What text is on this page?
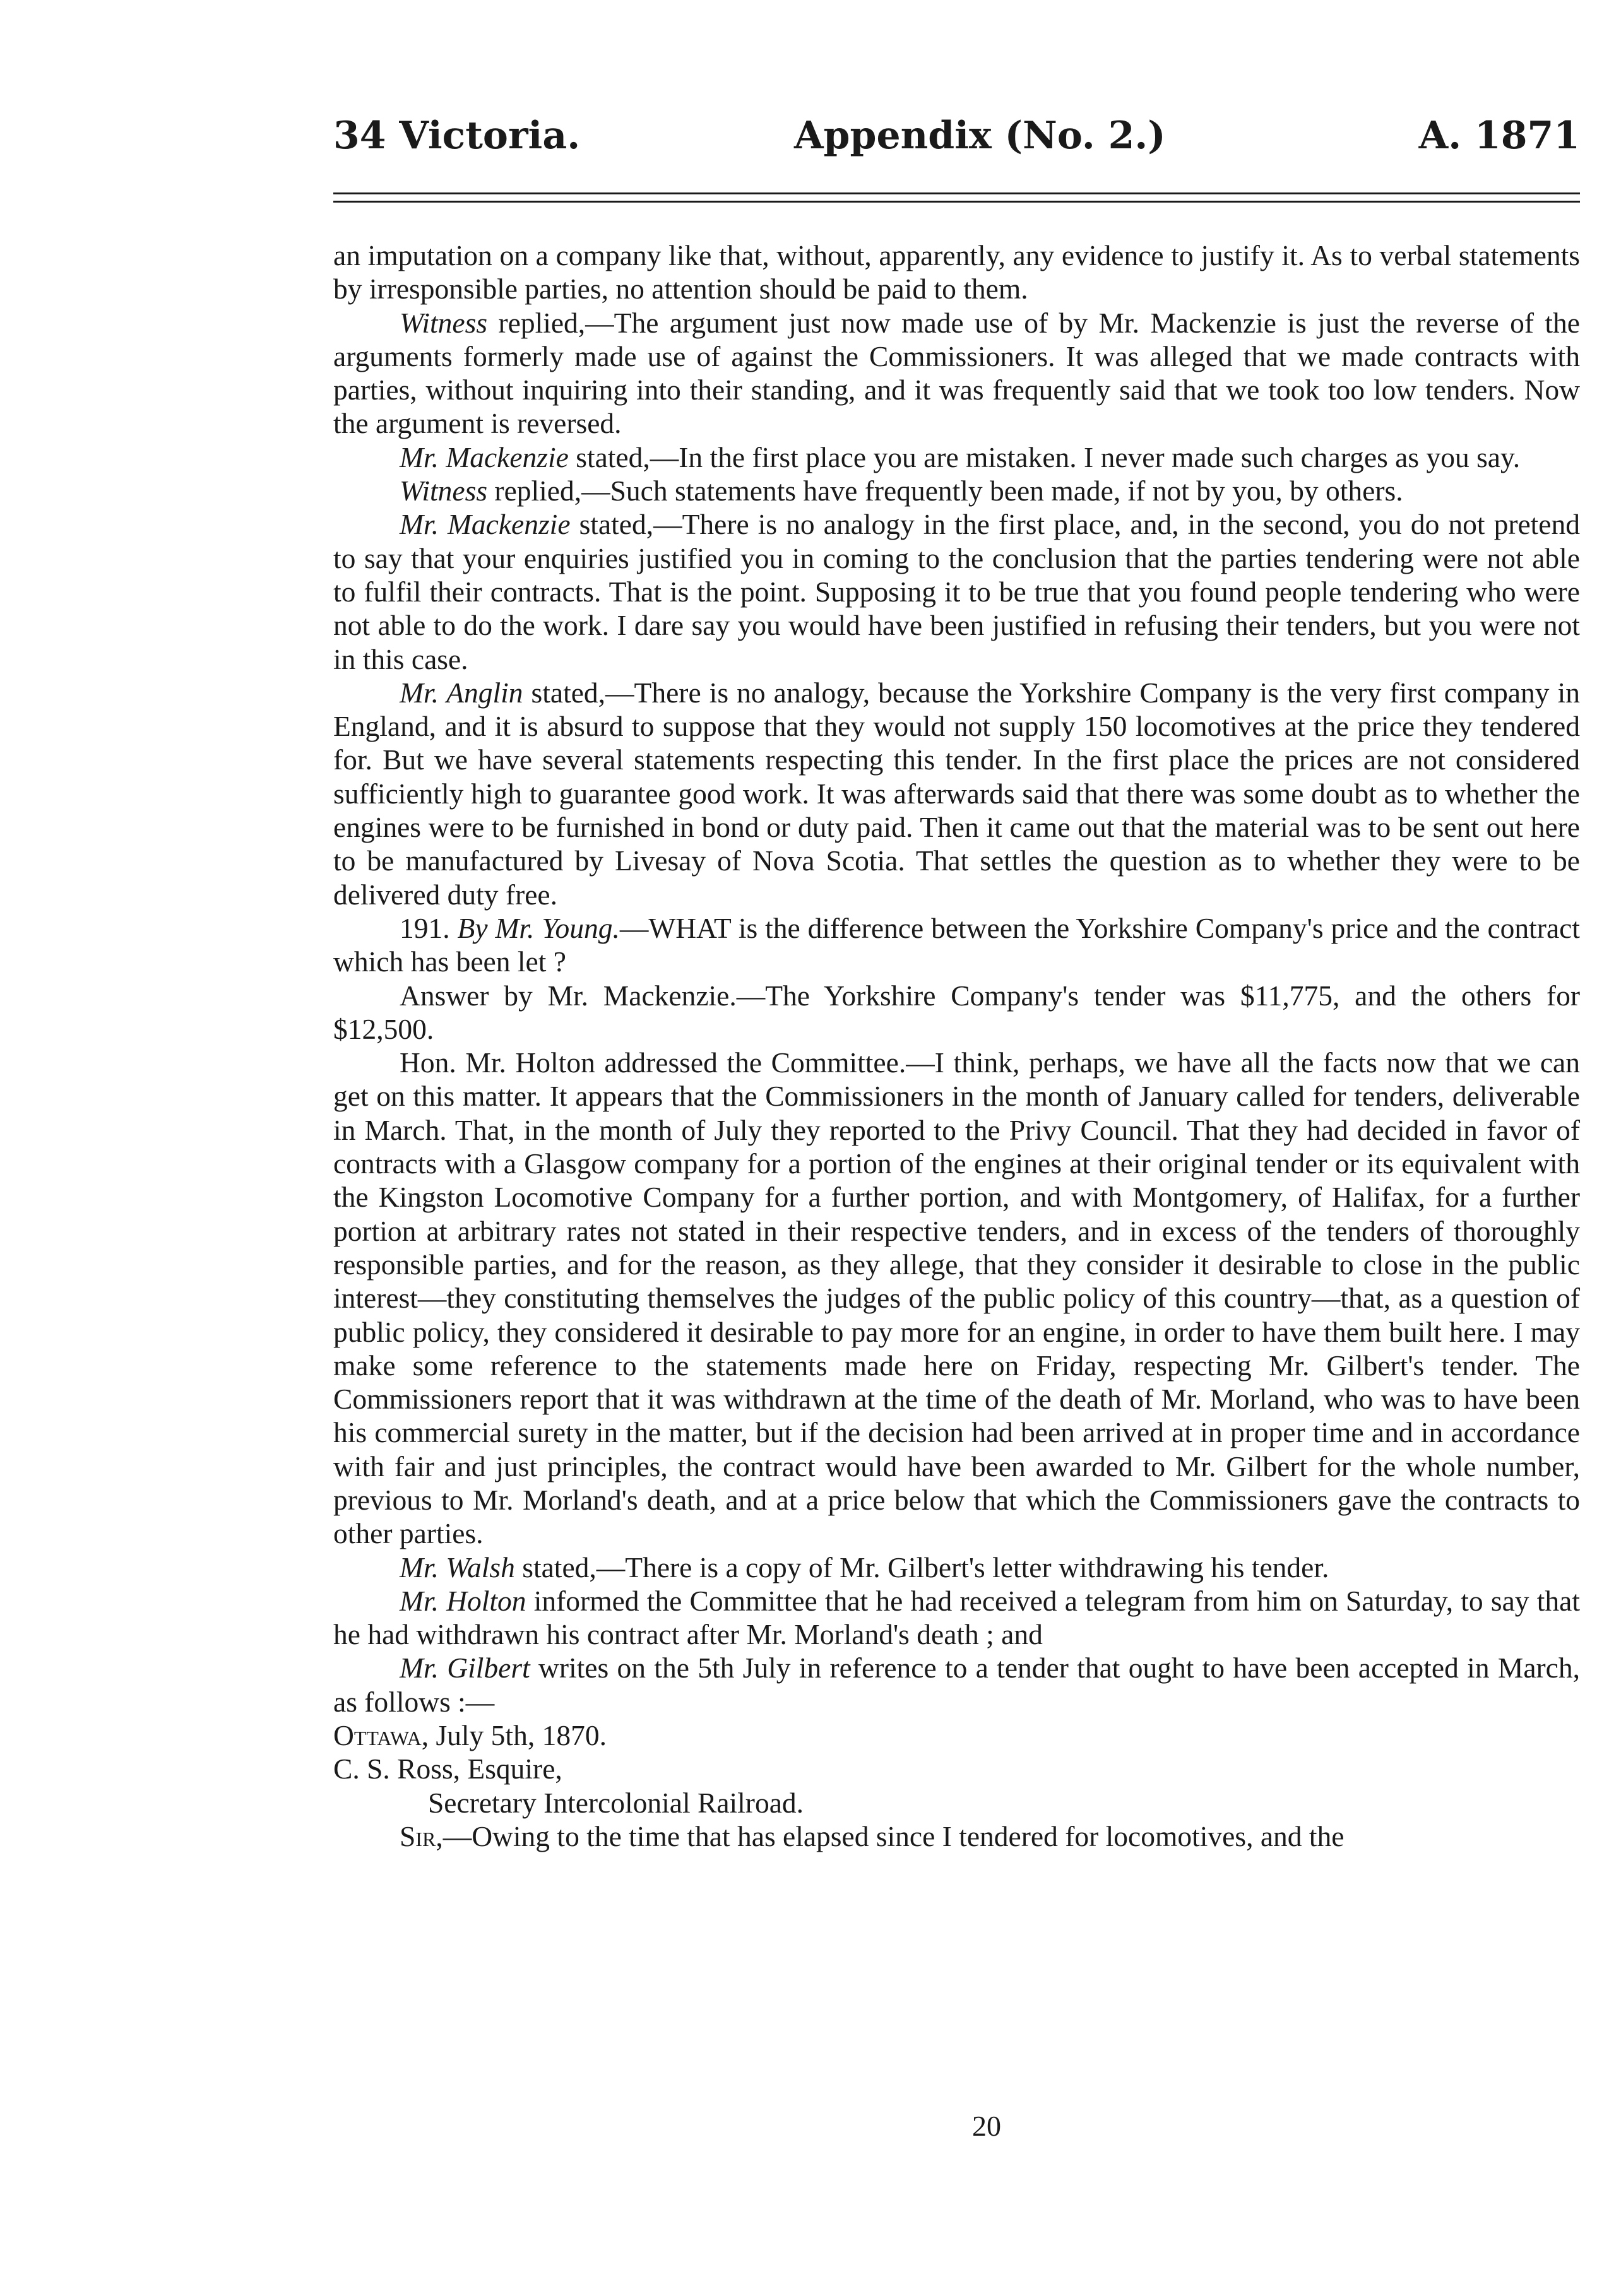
34 Victoria.	Appendix (No. 2.)	A. 1871

an imputation on a company like that, without, apparently, any evidence to justify it. As to verbal statements by irresponsible parties, no attention should be paid to them.

Witness replied,—The argument just now made use of by Mr. Mackenzie is just the reverse of the arguments formerly made use of against the Commissioners. It was alleged that we made contracts with parties, without inquiring into their standing, and it was frequently said that we took too low tenders. Now the argument is reversed.

Mr. Mackenzie stated,—In the first place you are mistaken. I never made such charges as you say.

Witness replied,—Such statements have frequently been made, if not by you, by others.

Mr. Mackenzie stated,—There is no analogy in the first place, and, in the second, you do not pretend to say that your enquiries justified you in coming to the conclusion that the parties tendering were not able to fulfil their contracts. That is the point. Supposing it to be true that you found people tendering who were not able to do the work. I dare say you would have been justified in refusing their tenders, but you were not in this case.

Mr. Anglin stated,—There is no analogy, because the Yorkshire Company is the very first company in England, and it is absurd to suppose that they would not supply 150 locomotives at the price they tendered for. But we have several statements respecting this tender. In the first place the prices are not considered sufficiently high to guarantee good work. It was afterwards said that there was some doubt as to whether the engines were to be furnished in bond or duty paid. Then it came out that the material was to be sent out here to be manufactured by Livesay of Nova Scotia. That settles the question as to whether they were to be delivered duty free.

191. By Mr. Young.—WHAT is the difference between the Yorkshire Company's price and the contract which has been let ?

Answer by Mr. Mackenzie.—The Yorkshire Company's tender was $11,775, and the others for $12,500.

Hon. Mr. Holton addressed the Committee.—I think, perhaps, we have all the facts now that we can get on this matter. It appears that the Commissioners in the month of January called for tenders, deliverable in March. That, in the month of July they reported to the Privy Council. That they had decided in favor of contracts with a Glasgow company for a portion of the engines at their original tender or its equivalent with the Kingston Locomotive Company for a further portion, and with Montgomery, of Halifax, for a further portion at arbitrary rates not stated in their respective tenders, and in excess of the tenders of thoroughly responsible parties, and for the reason, as they allege, that they consider it desirable to close in the public interest—they constituting themselves the judges of the public policy of this country—that, as a question of public policy, they considered it desirable to pay more for an engine, in order to have them built here. I may make some reference to the statements made here on Friday, respecting Mr. Gilbert's tender. The Commissioners report that it was withdrawn at the time of the death of Mr. Morland, who was to have been his commercial surety in the matter, but if the decision had been arrived at in proper time and in accordance with fair and just principles, the contract would have been awarded to Mr. Gilbert for the whole number, previous to Mr. Morland's death, and at a price below that which the Commissioners gave the contracts to other parties.

Mr. Walsh stated,—There is a copy of Mr. Gilbert's letter withdrawing his tender.

Mr. Holton informed the Committee that he had received a telegram from him on Saturday, to say that he had withdrawn his contract after Mr. Morland's death ; and

Mr. Gilbert writes on the 5th July in reference to a tender that ought to have been accepted in March, as follows :—

Ottawa, July 5th, 1870.

C. S. Ross, Esquire,

Secretary Intercolonial Railroad.

Sir,—Owing to the time that has elapsed since I tendered for locomotives, and the

20
